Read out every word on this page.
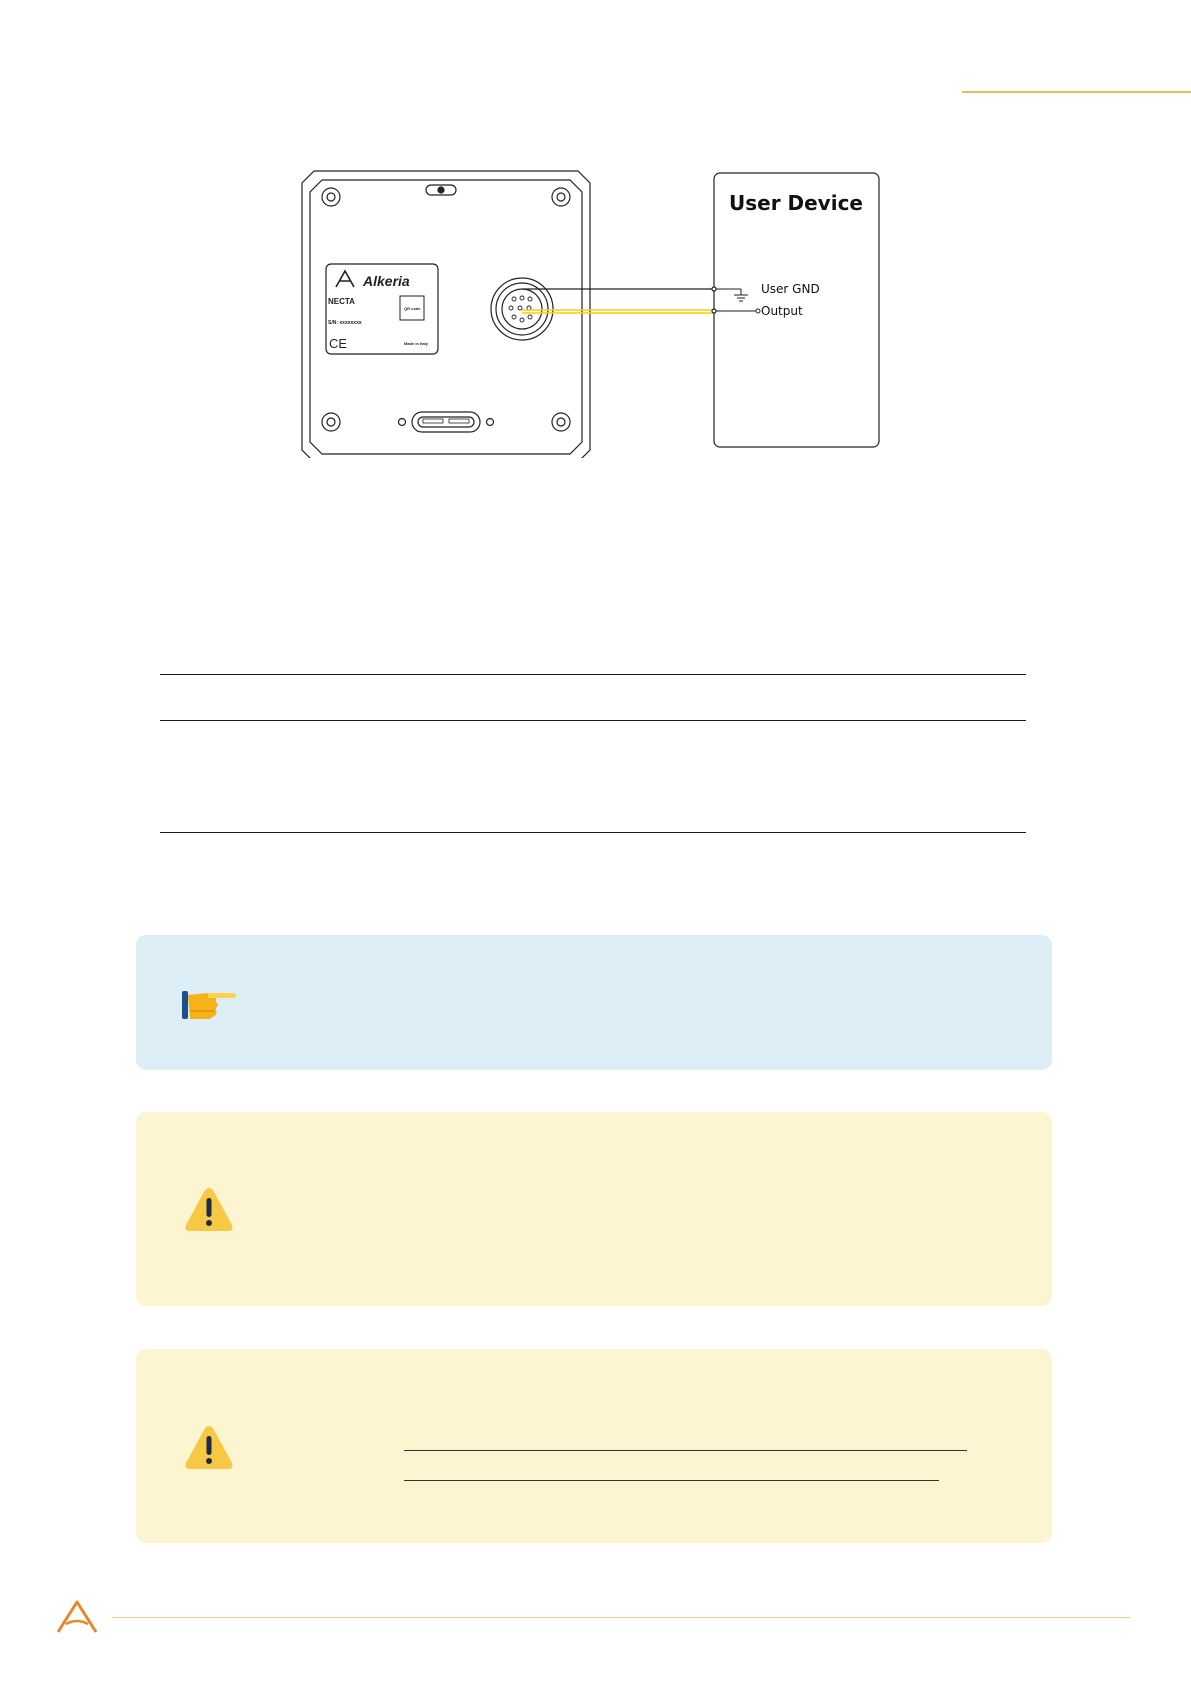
Alkeria
NECTA
S/N: xxxxxxxx
QR code
CE	Made in Italy
User Device
User GND
Output
